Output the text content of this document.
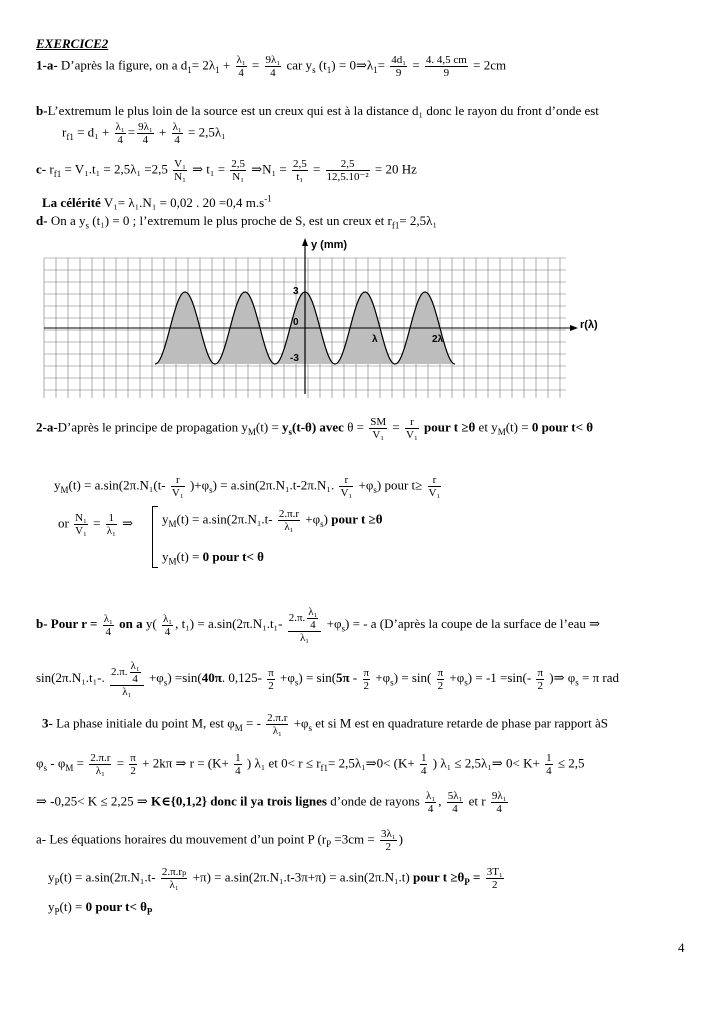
EXERCICE2
1-a- D’après la figure, on a $d_1= 2\lambda_1 + \frac{\text{λ₁}}{4} = \frac{\text{9λ₁}}{4}$ car $y_s$ $(t_1)$ = $0\Rightarrow\lambda_1= \frac{\text{4d₁}}{9} = \frac{4. 4,5 cm}{9} = 2cm$
b-L’extremum le plus loin de la source est un creux qui est à la distance d₁ donc le rayon du front d’onde est
$r_{f1} = d_1 + \frac{\text{λ₁}}{4} = \frac{\text{9λ₁}}{4} + \frac{\text{λ₁}}{4} = 2,5\lambda_1$
c- $r_{f1} = V_1.t_1 = 2,5\lambda_1 =2,5 \frac{\text{V₁}}{\text{N₁}}$ ⇒ $t_1 = \frac{2,5}{\text{N₁}}$ ⇒N₁ = $\frac{2,5}{\text{t₁}} = \frac{2,5}{\text{12,5.10⁻²}} = 20$ Hz
La célérité V₁= λ₁.N₁ = 0,02 . 20 =0,4 $m.s^{-1}$
d- On a $y_s$ (t₁) = 0 ; l’extremum le plus proche de S, est un creux et $r_{f1}= 2,5\lambda_1$
y (mm)
r(λ)
3
0
-3
λ	2λ
2-a-D’après le principe de propagation $y_M(t) = y_s(t-\theta)$ avec $\theta = \frac{SM}{\text{V₁}} = \frac{r}{\text{V₁}}$ pour t ≥θ et $y_M(t) = 0$ pour t< θ
$y_M(t) = a.\sin(2\pi.N_1(t- \frac{r}{\text{V₁}} )+\varphi_s) = a.\sin(2\pi.N_1.t-2\pi.N_1$. $\frac{r}{\text{V₁}} +\varphi_s$) pour $t\ge \frac{r}{\text{V₁}}$
or $\frac{\text{N₁}}{\text{V₁}} = \frac{1}{\text{λ₁}}$ ⇒ $y_M(t) = a.\sin(2\pi.N_1.t- \frac{2.\pi.r}{\text{λ₁}} +\varphi_s)$ pour t ≥θ
$y_M(t) = 0$ pour t< θ
b- Pour $r = \frac{\text{λ₁}}{4}$ on a $y( \frac{\text{λ₁}}{4}$ , $t_1) = a.\sin(2\pi.N_1.t_1- \frac{2.\pi. \frac{\text{λ₁}}{4}}{\text{λ₁}} +\varphi_s)$ = - a (D’après la coupe de la surface de l’eau ⇒
sin(2π.N₁.t₁-. $\frac{2.\pi. \frac{\text{λ₁}}{4}}{\text{λ₁}} +\varphi_s) =\sin(40\pi$. $0,125- \frac{\pi}{2} +\varphi_s) = \sin(5\pi - \frac{\pi}{2} +\varphi_s) = \sin( \frac{\pi}{2} +\varphi_s) = -1 =\sin(- \frac{\pi}{2}$ )⇒ $\varphi_s = \pi$ rad
3- La phase initiale du point M, est $\varphi_M$ = - $\frac{2.\pi.r}{\text{λ₁}} +\varphi_s$ et si M est en quadrature retarde de phase par rapport àS
$\varphi_s - \varphi_M = \frac{2.\pi.r}{\text{λ₁}} = \frac{\pi}{2} + 2k\pi$ ⇒ $r = (K+ \frac{1}{4}$ ) λ₁ et $0< r \le r_{f1}=$ 2,5λ₁⇒0< ($K+ \frac{1}{4}$ ) λ₁ ≤ 2,5λ₁⇒ $0< K+ \frac{1}{4} \le 2,5$
⇒ -0,25< K ≤ 2,25 ⇒ K∈{0,1,2} donc il ya trois lignes d’onde de rayons $\frac{\text{λ₁}}{4}$ , $\frac{\text{5λ₁}}{4}$ et r $\frac{\text{9λ₁}}{4}$
a- Les équations horaires du mouvement d’un point P ($r_P =3cm = \frac{\text{3λ₁}}{2}$ )
$y_P(t) = a.\sin(2\pi.N_1.t- \frac{\text{2.π.rₚ}}{\text{λ₁}} +\pi) = a.\sin(2\pi.N_1.t-3\pi+\pi) = a.\sin(2\pi.N_1.t)$ pour $t \ge\theta_P = \frac{\text{3T₁}}{2}$
$y_P(t) = 0$ pour $t< \theta_P$
4
